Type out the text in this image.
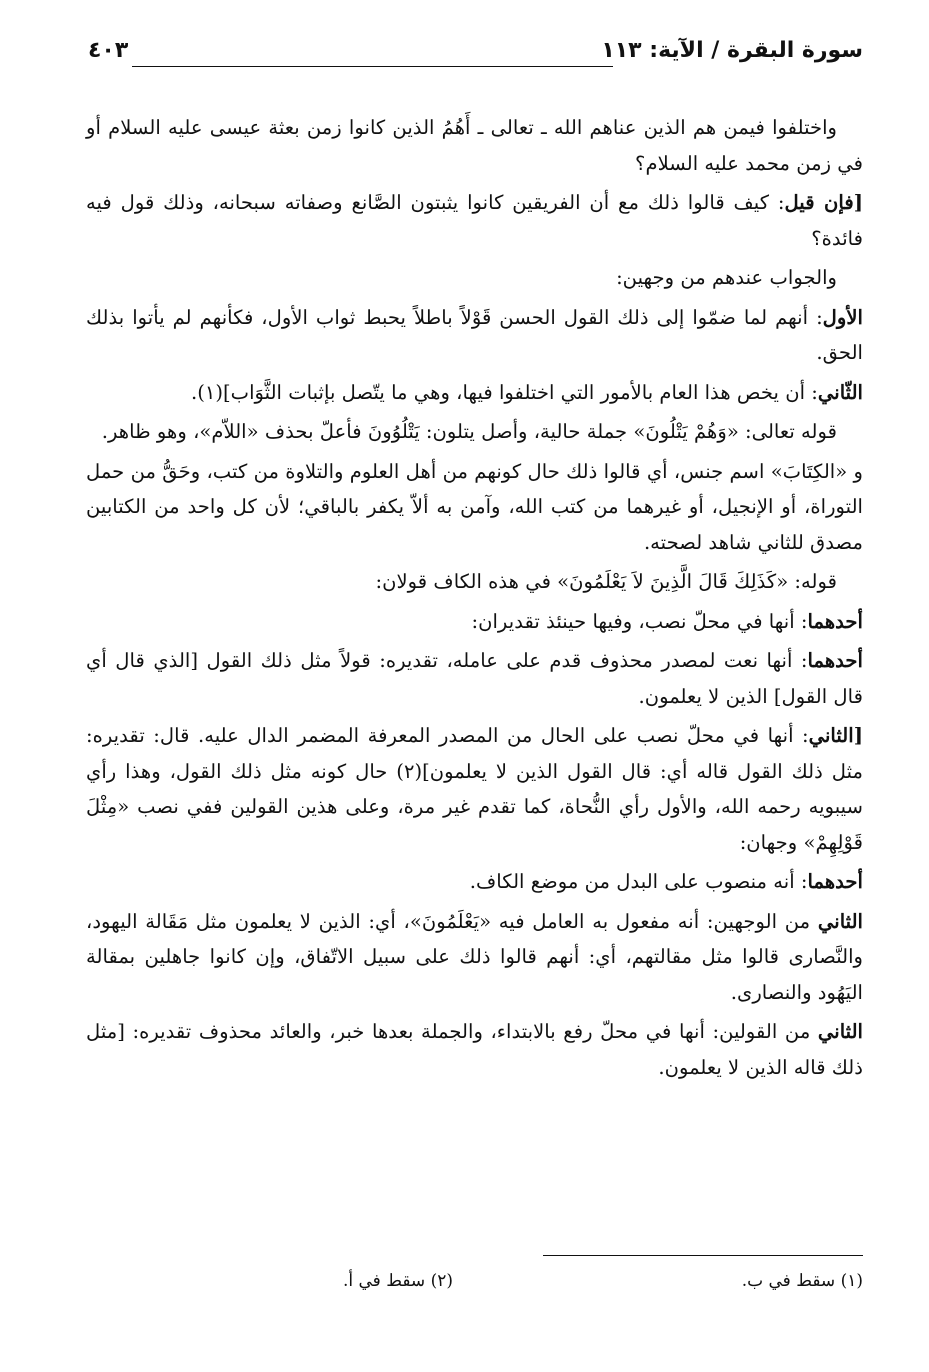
سورة البقرة / الآية: ١١٣
٤٠٣

واختلفوا فيمن هم الذين عناهم الله ـ تعالى ـ أَهُمُ الذين كانوا زمن بعثة عيسى عليه السلام أو في زمن محمد عليه السلام؟

[فإن قيل: كيف قالوا ذلك مع أن الفريقين كانوا يثبتون الصَّانع وصفاته سبحانه، وذلك قول فيه فائدة؟

والجواب عندهم من وجهين:

الأول: أنهم لما ضمّوا إلى ذلك القول الحسن قَوْلاً باطلاً يحبط ثواب الأول، فكأنهم لم يأتوا بذلك الحق.

الثّاني: أن يخص هذا العام بالأمور التي اختلفوا فيها، وهي ما يتّصل بإثبات الثَّوَاب](١).

قوله تعالى: «وَهُمْ يَتْلُونَ» جملة حالية، وأصل يتلون: يَتْلُوُونَ فأعلّ بحذف «اللاّم»، وهو ظاهر.

و «الكِتَابَ» اسم جنس، أي قالوا ذلك حال كونهم من أهل العلوم والتلاوة من كتب، وحَقُّ من حمل التوراة، أو الإنجيل، أو غيرهما من كتب الله، وآمن به ألاّ يكفر بالباقي؛ لأن كل واحد من الكتابين مصدق للثاني شاهد لصحته.

قوله: «كَذَلِكَ قَالَ الَّذِينَ لاَ يَعْلَمُونَ» في هذه الكاف قولان:

أحدهما: أنها في محلّ نصب، وفيها حينئذ تقديران:

أحدهما: أنها نعت لمصدر محذوف قدم على عامله، تقديره: قولاً مثل ذلك القول [الذي قال أي قال القول] الذين لا يعلمون.

[الثاني: أنها في محلّ نصب على الحال من المصدر المعرفة المضمر الدال عليه. قال: تقديره: مثل ذلك القول قاله أي: قال القول الذين لا يعلمون](٢) حال كونه مثل ذلك القول، وهذا رأي سيبويه رحمه الله، والأول رأي النُّحاة، كما تقدم غير مرة، وعلى هذين القولين ففي نصب «مِثْلَ قَوْلِهِمْ» وجهان:

أحدهما: أنه منصوب على البدل من موضع الكاف.

الثاني من الوجهين: أنه مفعول به العامل فيه «يَعْلَمُونَ»، أي: الذين لا يعلمون مثل مَقَالة اليهود، والنَّصارى قالوا مثل مقالتهم، أي: أنهم قالوا ذلك على سبيل الاتّفاق، وإن كانوا جاهلين بمقالة اليَهُود والنصارى.

الثاني من القولين: أنها في محلّ رفع بالابتداء، والجملة بعدها خبر، والعائد محذوف تقديره: [مثل ذلك قاله الذين لا يعلمون.

(١) سقط في ب.
(٢) سقط في أ.
